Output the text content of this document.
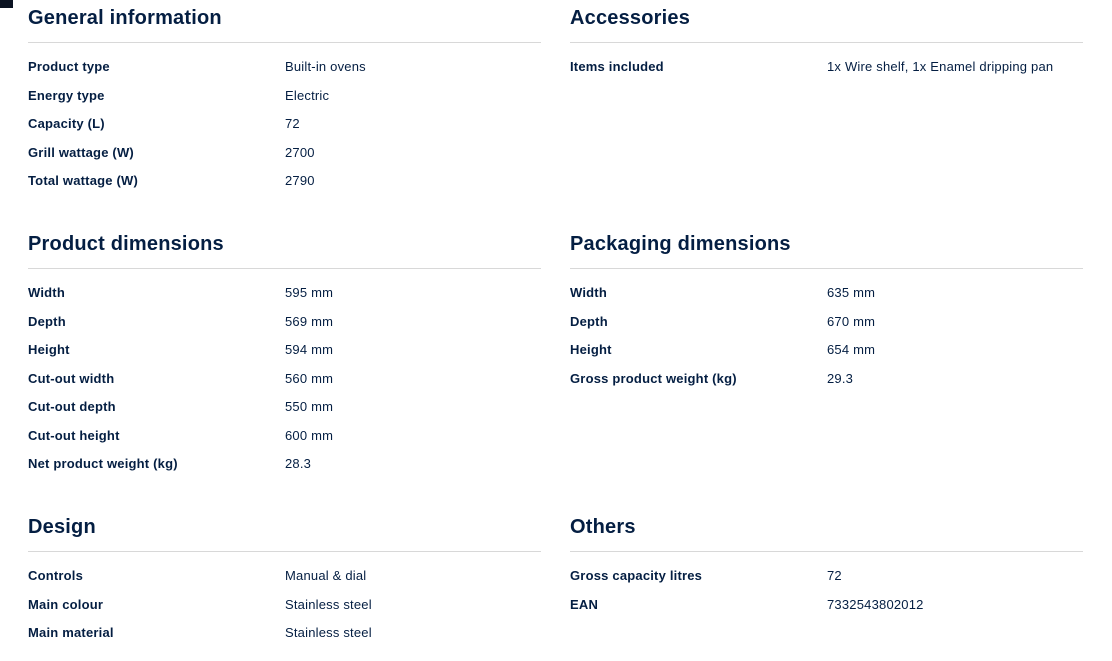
General information
Product type	Built-in ovens
Energy type	Electric
Capacity (L)	72
Grill wattage (W)	2700
Total wattage (W)	2790
Accessories
Items included	1x Wire shelf, 1x Enamel dripping pan
Product dimensions
Width	595 mm
Depth	569 mm
Height	594 mm
Cut-out width	560 mm
Cut-out depth	550 mm
Cut-out height	600 mm
Net product weight (kg)	28.3
Packaging dimensions
Width	635 mm
Depth	670 mm
Height	654 mm
Gross product weight (kg)	29.3
Design
Controls	Manual & dial
Main colour	Stainless steel
Main material	Stainless steel
Others
Gross capacity litres	72
EAN	7332543802012
